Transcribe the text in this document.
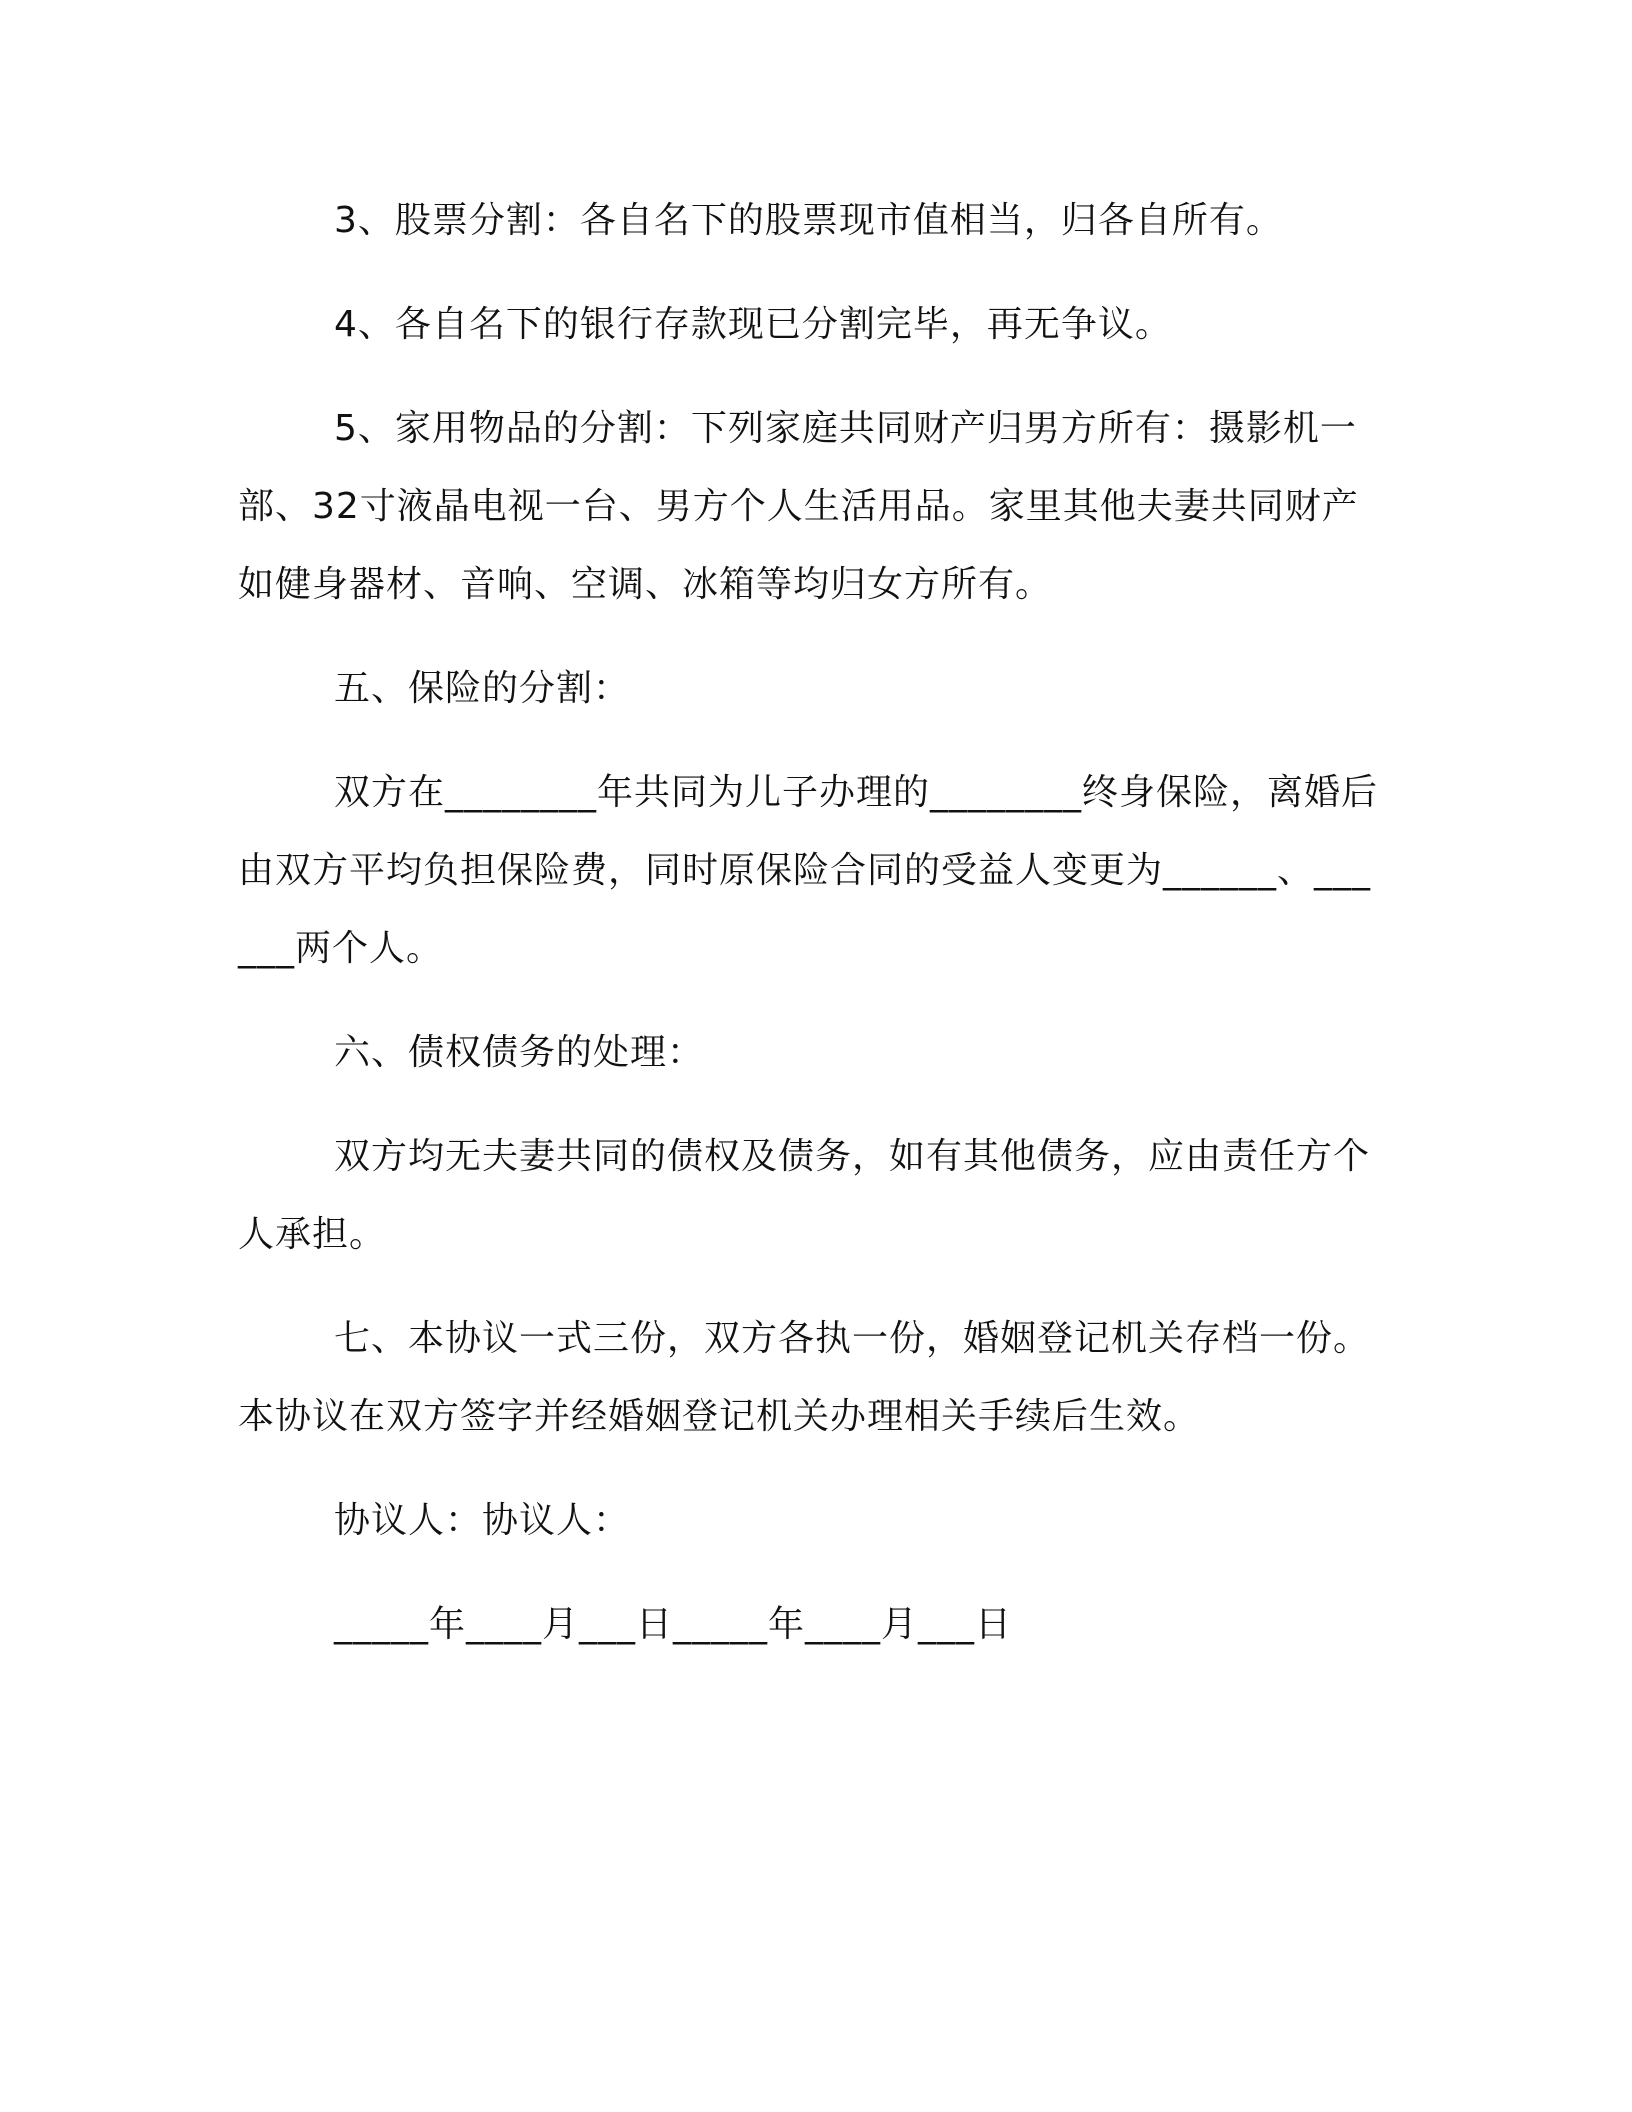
3、股票分割：各自名下的股票现市值相当，归各自所有。

4、各自名下的银行存款现已分割完毕，再无争议。

5、家用物品的分割：下列家庭共同财产归男方所有：摄影机一部、32寸液晶电视一台、男方个人生活用品。家里其他夫妻共同财产如健身器材、音响、空调、冰箱等均归女方所有。

五、保险的分割：

双方在________年共同为儿子办理的________终身保险，离婚后由双方平均负担保险费，同时原保险合同的受益人变更为______、______两个人。

六、债权债务的处理：

双方均无夫妻共同的债权及债务，如有其他债务，应由责任方个人承担。

七、本协议一式三份，双方各执一份，婚姻登记机关存档一份。本协议在双方签字并经婚姻登记机关办理相关手续后生效。

协议人：协议人：

_____年____月___日_____年____月___日
